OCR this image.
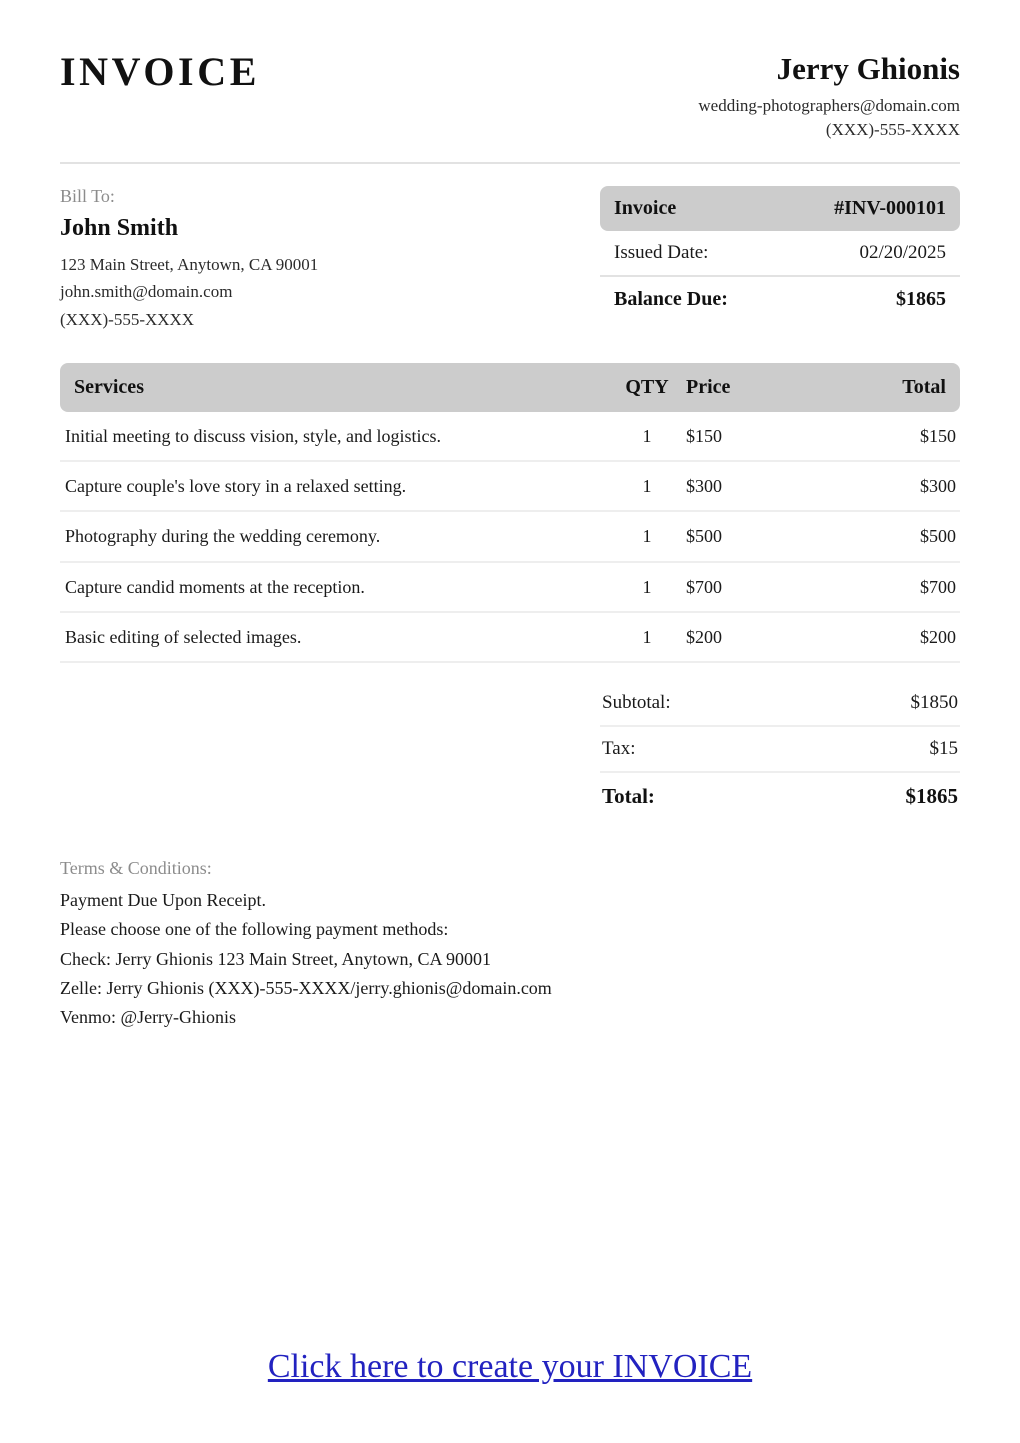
INVOICE	Jerry Ghionis
wedding-photographers@domain.com
(XXX)-555-XXXX
Bill To:
John Smith
123 Main Street, Anytown, CA 90001
john.smith@domain.com
(XXX)-555-XXXX
Invoice	#INV-000101
Issued Date:	02/20/2025
Balance Due:	$1865
Services	QTY	Price	Total
Initial meeting to discuss vision, style, and logistics.	1	$150	$150
Capture couple's love story in a relaxed setting.	1	$300	$300
Photography during the wedding ceremony.	1	$500	$500
Capture candid moments at the reception.	1	$700	$700
Basic editing of selected images.	1	$200	$200
Subtotal:	$1850
Tax:	$15
Total:	$1865
Terms & Conditions:
Payment Due Upon Receipt.
Please choose one of the following payment methods:
Check: Jerry Ghionis 123 Main Street, Anytown, CA 90001
Zelle: Jerry Ghionis (XXX)-555-XXXX/jerry.ghionis@domain.com
Venmo: @Jerry-Ghionis
Click here to create your INVOICE
